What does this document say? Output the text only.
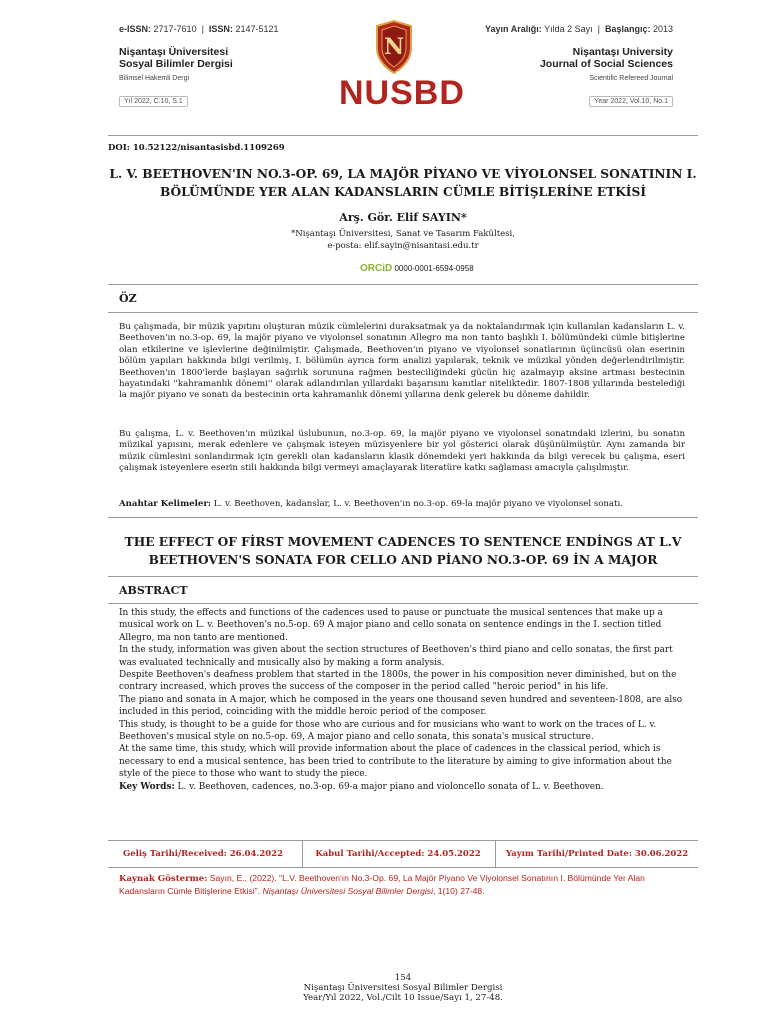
e-ISSN: 2717-7610  |  ISSN: 2147-5121
Nişantaşı Üniversitesi
Sosyal Bilimler Dergisi
Bilimsel Hakemli Dergi
Yıl 2022, C.10, S.1
N
NUSBD
Yayın Aralığı: Yılda 2 Sayı  |  Başlangıç: 2013
Nişantaşı University
Journal of Social Sciences
Scientific Refereed Journal
Year 2022, Vol.10, No.1
DOI: 10.52122/nisantasisbd.1109269
L. V. BEETHOVEN'IN NO.3-OP. 69, LA MAJÖR PİYANO VE VİYOLONSEL SONATININ I.
BÖLÜMÜNDE YER ALAN KADANSLARIN CÜMLE BİTİŞLERİNE ETKİSİ
Arş. Gör. Elif SAYIN*
*Nişantaşı Üniversitesi, Sanat ve Tasarım Fakültesi,
e-posta: elif.sayin@nisantasi.edu.tr
ORCiD 0000-0001-6594-0958
ÖZ
Bu çalışmada, bir müzik yapıtını oluşturan müzik cümlelerini duraksatmak ya da noktalandırmak için kullanılan kadansların L. v. Beethoven'ın no.3-op. 69, la majör piyano ve viyolonsel sonatının Allegro ma non tanto başlıklı I. bölümündeki cümle bitişlerine olan etkilerine ve işlevlerine değinilmiştir. Çalışmada, Beethoven'ın piyano ve viyolonsel sonatlarının üçüncüsü olan eserinin bölüm yapıları hakkında bilgi verilmiş, I. bölümün ayrıca form analizi yapılarak, teknik ve müzikal yönden değerlendirilmiştir. Beethoven'ın 1800'lerde başlayan sağırlık sorununa rağmen besteciliğindeki gücün hiç azalmayıp aksine artması bestecinin hayatındaki ''kahramanlık dönemi'' olarak adlandırılan yıllardaki başarısını kanıtlar niteliktedir. 1807-1808 yıllarında bestelediği la majör piyano ve sonatı da bestecinin orta kahramanlık dönemi yıllarına denk gelerek bu döneme dahildir.
Bu çalışma, L. v. Beethoven'ın müzikal üslubunun, no.3-op. 69, la majör piyano ve viyolonsel sonatındaki izlerini, bu sonatın müzikal yapısını, merak edenlere ve çalışmak isteyen müzisyenlere bir yol gösterici olarak düşünülmüştür. Aynı zamanda bir müzik cümlesini sonlandırmak için gerekli olan kadansların klasik dönemdeki yeri hakkında da bilgi verecek bu çalışma, eseri çalışmak isteyenlere eserin stili hakkında bilgi vermeyi amaçlayarak literatüre katkı sağlaması amacıyla çalışılmıştır.
Anahtar Kelimeler: L. v. Beethoven, kadanslar, L. v. Beethoven'ın no.3-op. 69-la majör piyano ve viyolonsel sonatı.
THE EFFECT OF FİRST MOVEMENT CADENCES TO SENTENCE ENDİNGS AT L.V
BEETHOVEN'S SONATA FOR CELLO AND PİANO NO.3-OP. 69 İN A MAJOR
ABSTRACT
In this study, the effects and functions of the cadences used to pause or punctuate the musical sentences that make up a musical work on L. v. Beethoven's no.5-op. 69 A major piano and cello sonata on sentence endings in the I. section titled Allegro, ma non tanto are mentioned.
In the study, information was given about the section structures of Beethoven's third piano and cello sonatas, the first part was evaluated technically and musically also by making a form analysis.
Despite Beethoven's deafness problem that started in the 1800s, the power in his composition never diminished, but on the contrary increased, which proves the success of the composer in the period called "heroic period" in his life.
The piano and sonata in A major, which he composed in the years one thousand seven hundred and seventeen-1808, are also included in this period, coinciding with the middle heroic period of the composer.
This study, is thought to be a guide for those who are curious and for musicians who want to work on the traces of L. v. Beethoven's musical style on no.5-op. 69, A major piano and cello sonata, this sonata's musical structure.
At the same time, this study, which will provide information about the place of cadences in the classical period, which is necessary to end a musical sentence, has been tried to contribute to the literature by aiming to give information about the style of the piece to those who want to study the piece.
Key Words: L. v. Beethoven, cadences, no.3-op. 69-a major piano and violoncello sonata of L. v. Beethoven.
Geliş Tarihi/Received: 26.04.2022	Kabul Tarihi/Accepted: 24.05.2022	Yayım Tarihi/Printed Date: 30.06.2022
Kaynak Gösterme: Sayın, E., (2022). "L.V. Beethoven'ın No.3-Op. 69, La Majör Piyano Ve Viyolonsel Sonatının I. Bölümünde Yer Alan Kadansların Cümle Bitişlerine Etkisi". Nişantaşı Üniversitesi Sosyal Bilimler Dergisi, 1(10) 27-48.
154
Nişantaşı Üniversitesi Sosyal Bilimler Dergisi
Year/Yıl 2022, Vol./Cilt 10 Issue/Sayı 1, 27-48.
